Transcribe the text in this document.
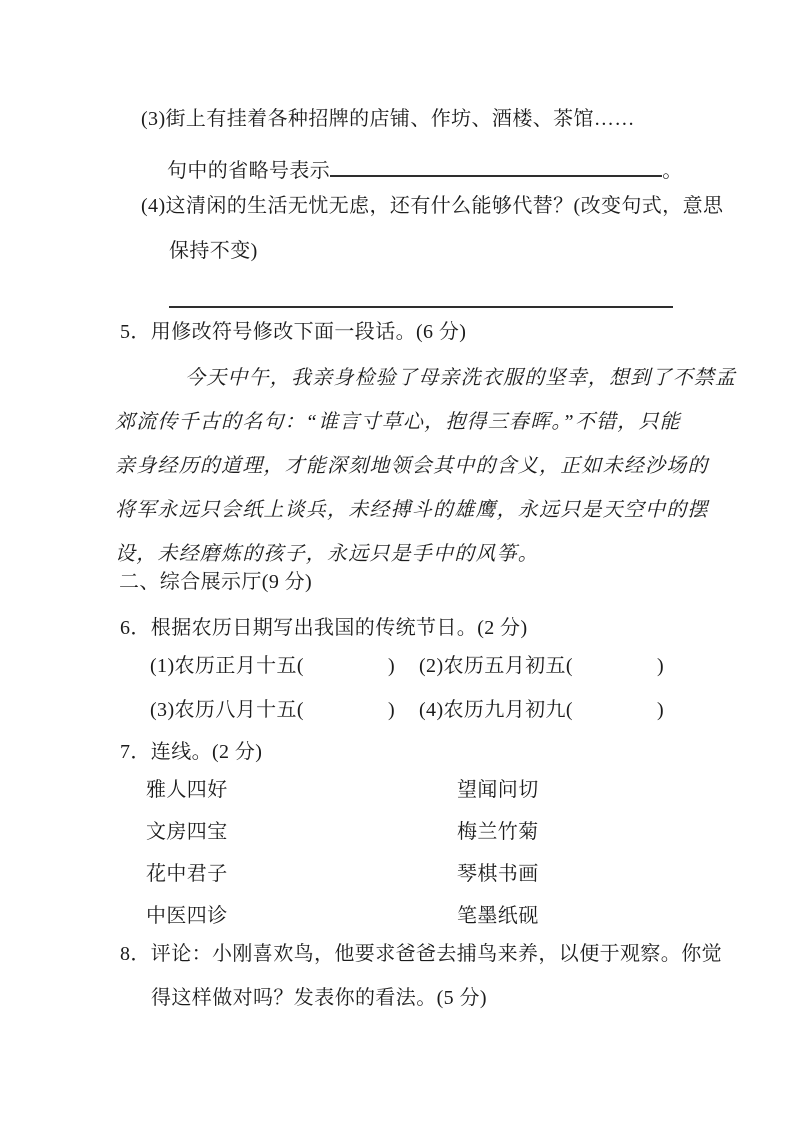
(3)街上有挂着各种招牌的店铺、作坊、酒楼、茶馆……
句中的省略号表示	。
(4)这清闲的生活无忧无虑，还有什么能够代替？(改变句式，意思
保持不变)
5．用修改符号修改下面一段话。(6 分)
今天中午，我亲身检验了母亲洗衣服的坚幸，想到了不禁孟
郊流传千古的名句：“谁言寸草心，抱得三春晖。”不错，只能
亲身经历的道理，才能深刻地领会其中的含义，正如未经沙场的
将军永远只会纸上谈兵，未经搏斗的雄鹰，永远只是天空中的摆
设，未经磨炼的孩子，永远只是手中的风筝。
二、综合展示厅(9 分)
6．根据农历日期写出我国的传统节日。(2 分)
(1)农历正月十五(	) (2)农历五月初五(	)
(3)农历八月十五(	) (4)农历九月初九(	)
7．连线。(2 分)
雅人四好	望闻问切
文房四宝	梅兰竹菊
花中君子	琴棋书画
中医四诊	笔墨纸砚
8．评论：小刚喜欢鸟，他要求爸爸去捕鸟来养，以便于观察。你觉
得这样做对吗？发表你的看法。(5 分)
